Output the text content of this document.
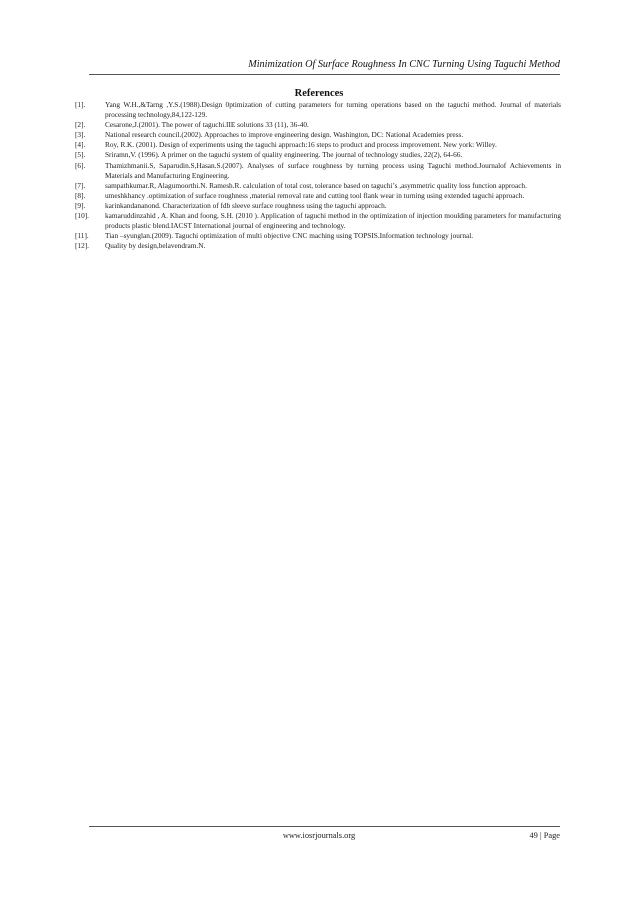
Minimization Of Surface Roughness In CNC Turning Using Taguchi Method
References
[1].	Yang W.H.,&Tarng ,Y.S.(1988).Design 0ptimization of cutting parameters for turning operations based on the taguchi method. Journal of materials processing technology,84,122-129.
[2].	Cesarone,J.(2001). The power of taguchi.IIE solutions 33 (11), 36-40.
[3].	National research council.(2002). Approaches to improve engineering design. Washington, DC: National Academies press.
[4].	Roy, R.K. (2001). Design of experiments using the taguchi approach:16 steps to product and process improvement. New york: Willey.
[5].	Sriramn,V. (1996). A primer on the taguchi system of quality engineering. The journal of technology studies, 22(2), 64-66.
[6].	Thamizhmanii.S, Saparudin.S,Hasan.S.(2007). Analyses of surface roughness by turning process using Taguchi method.Journalof Achievements in Materials and Manufacturing Engineering.
[7].	sampathkumar.R, Alagumoorthi.N. Ramesh.R. calculation of total cost, tolerance based on taguchi’s ,asymmetric quality loss function approach.
[8].	umeshkhancy .optimization of surface roughness ,material removal rate and cutting tool flank wear in turning using extended taguchi approach.
[9].	karinkandananond. Characterization of fdb sleeve surface roughness using the taguchi approach.
[10].	kamaruddinzahid , A. Khan and foong, S.H. (2010 ). Application of taguchi method in the optimization of injection moulding parameters for manufacturing products plastic blend.IACST International journal of engineering and technology.
[11].	Tian –syunglan.(2009). Taguchi optimization of multi objective CNC maching using TOPSIS.Information technology journal.
[12].	Quality by design,belavendram.N.
www.iosrjournals.org	49 | Page
